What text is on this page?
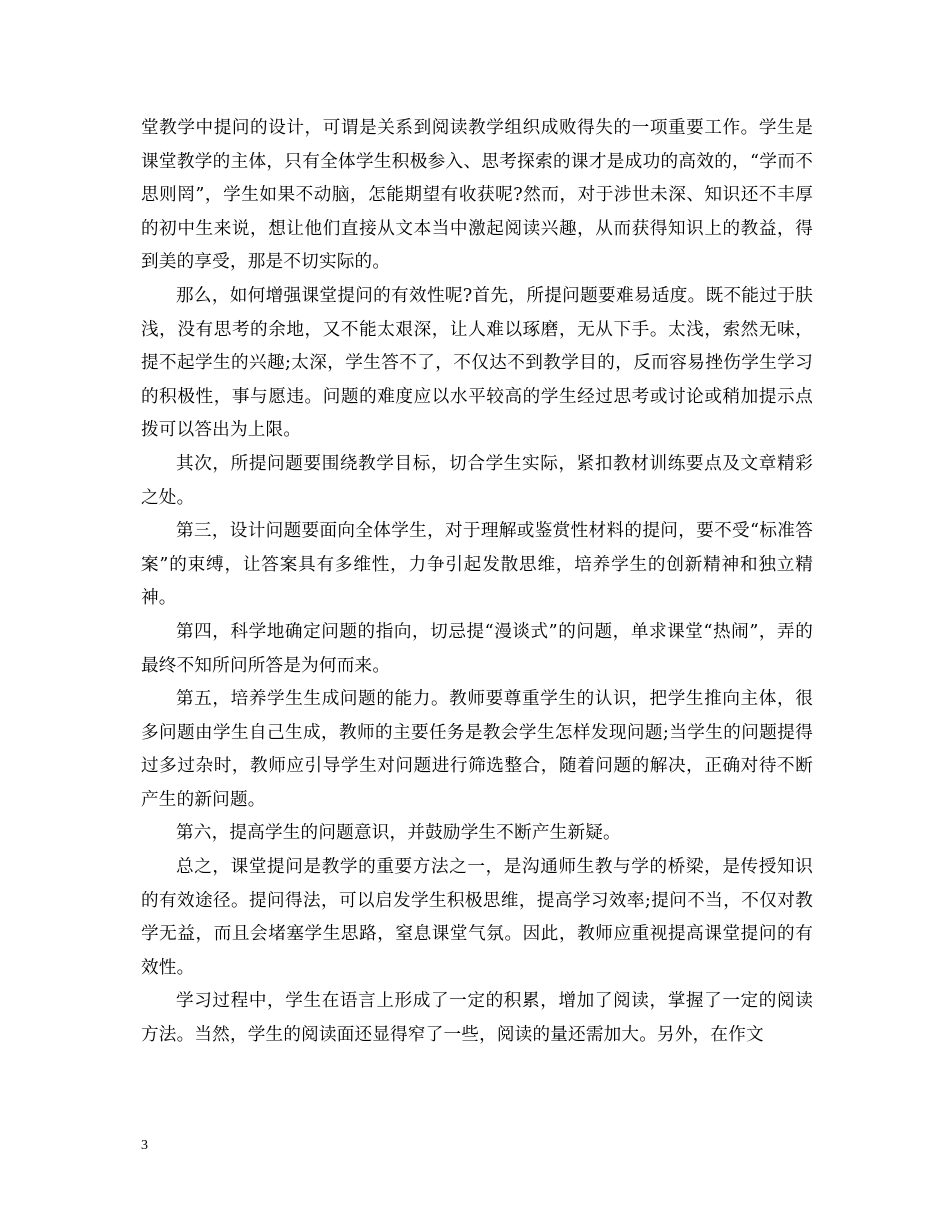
堂教学中提问的设计，可谓是关系到阅读教学组织成败得失的一项重要工作。学生是课堂教学的主体，只有全体学生积极参入、思考探索的课才是成功的高效的，“学而不思则罔”，学生如果不动脑，怎能期望有收获呢?然而，对于涉世未深、知识还不丰厚的初中生来说，想让他们直接从文本当中激起阅读兴趣，从而获得知识上的教益，得到美的享受，那是不切实际的。

那么，如何增强课堂提问的有效性呢?首先，所提问题要难易适度。既不能过于肤浅，没有思考的余地，又不能太艰深，让人难以琢磨，无从下手。太浅，索然无味，提不起学生的兴趣;太深，学生答不了，不仅达不到教学目的，反而容易挫伤学生学习的积极性，事与愿违。问题的难度应以水平较高的学生经过思考或讨论或稍加提示点拨可以答出为上限。

其次，所提问题要围绕教学目标，切合学生实际，紧扣教材训练要点及文章精彩之处。

第三，设计问题要面向全体学生，对于理解或鉴赏性材料的提问，要不受“标准答案”的束缚，让答案具有多维性，力争引起发散思维，培养学生的创新精神和独立精神。

第四，科学地确定问题的指向，切忌提“漫谈式”的问题，单求课堂“热闹”，弄的最终不知所问所答是为何而来。

第五，培养学生生成问题的能力。教师要尊重学生的认识，把学生推向主体，很多问题由学生自己生成，教师的主要任务是教会学生怎样发现问题;当学生的问题提得过多过杂时，教师应引导学生对问题进行筛选整合，随着问题的解决，正确对待不断产生的新问题。

第六，提高学生的问题意识，并鼓励学生不断产生新疑。

总之，课堂提问是教学的重要方法之一，是沟通师生教与学的桥梁，是传授知识的有效途径。提问得法，可以启发学生积极思维，提高学习效率;提问不当，不仅对教学无益，而且会堵塞学生思路，窒息课堂气氛。因此，教师应重视提高课堂提问的有效性。

学习过程中，学生在语言上形成了一定的积累，增加了阅读，掌握了一定的阅读方法。当然，学生的阅读面还显得窄了一些，阅读的量还需加大。另外，在作文

3
